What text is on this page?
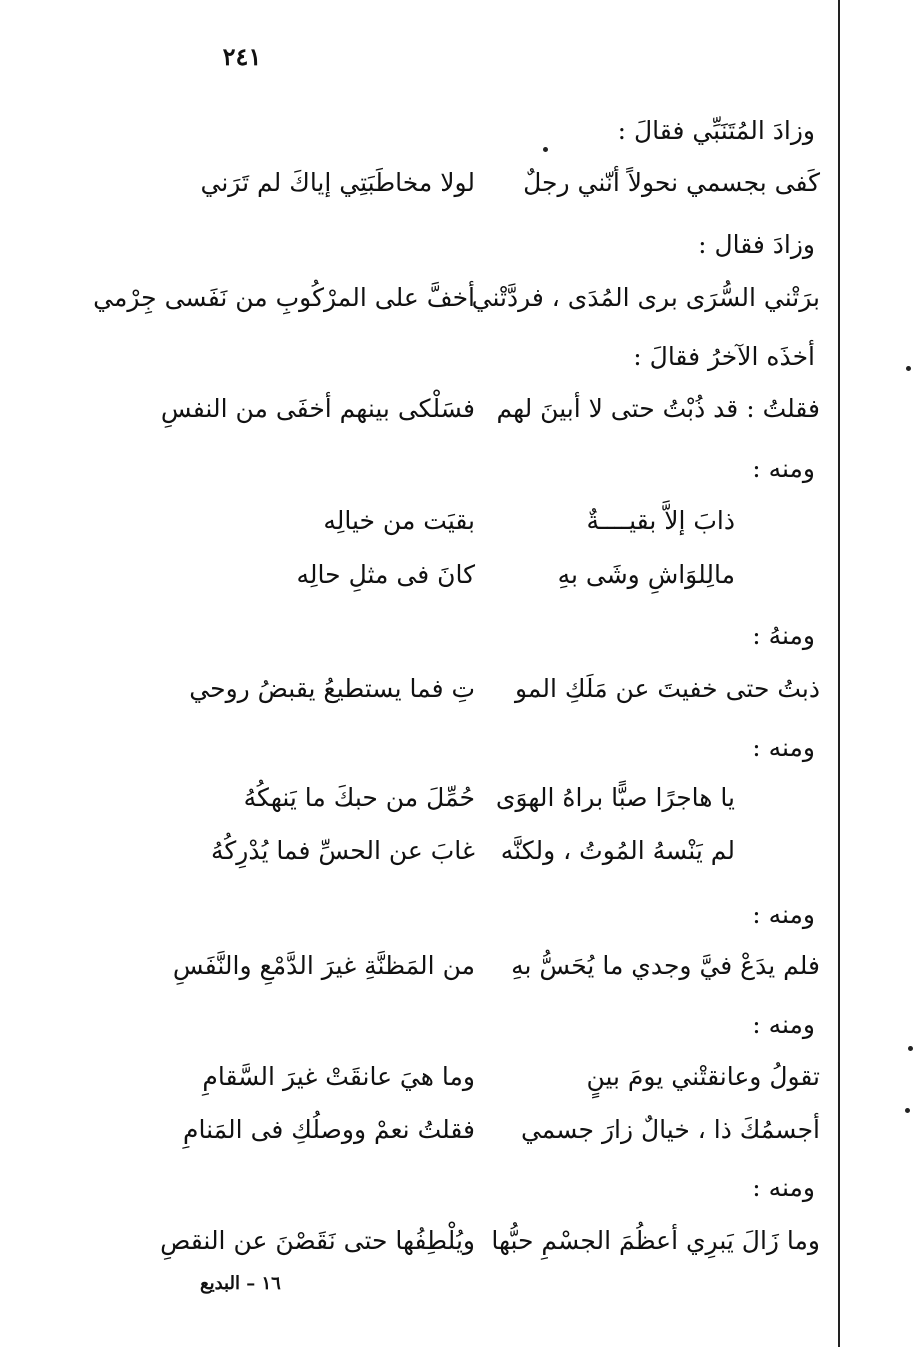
٢٤١
وزادَ المُتَنَبِّي فقالَ :
كَفى بجسمي نحولاً أنّني رجلٌ
لولا مخاطَبَتِي إياكَ لم تَرَني
وزادَ فقال :
برَتْني السُّرَى برى المُدَى ، فردَّتْني
أخفَّ على المرْكُوبِ من نَفَسى جِرْمي
أخذَه الآخرُ فقالَ :
فقلتُ : قد ذُبْتُ حتى لا أبينَ لهم
فسَلْكى بينهم أخفَى من النفسِ
ومنه :
ذابَ إلاَّ بقيــــةٌ
بقيَت من خيالِه
مالِلوَاشِ وشَى بهِ
كانَ فى مثلِ حالِه
ومنهُ :
ذبتُ حتى خفيتَ عن مَلَكِ المو
تِ فما يستطيعُ يقبضُ روحي
ومنه :
يا هاجرًا صبًّا براهُ الهوَى
حُمِّلَ من حبكَ ما يَنهكُهُ
لم يَنْسهُ المُوتُ ، ولكنَّه
غابَ عن الحسِّ فما يُدْرِكُهُ
ومنه :
فلم يدَعْ فيَّ وجدي ما يُحَسُّ بهِ
من المَظنَّةِ غيرَ الدَّمْعِ والنَّفَسِ
ومنه :
تقولُ وعانقتْني يومَ بينٍ
وما هيَ عانقَتْ غيرَ السَّقامِ
أجسمُكَ ذا ، خيالٌ زارَ جسمي
فقلتُ نعمْ ووصلُكِ فى المَنامِ
ومنه :
وما زَالَ يَبرِي أعظُمَ الجسْمِ حبُّها
ويُلْطِفُها حتى نَقَصْنَ عن النقصِ
١٦ – البديع
